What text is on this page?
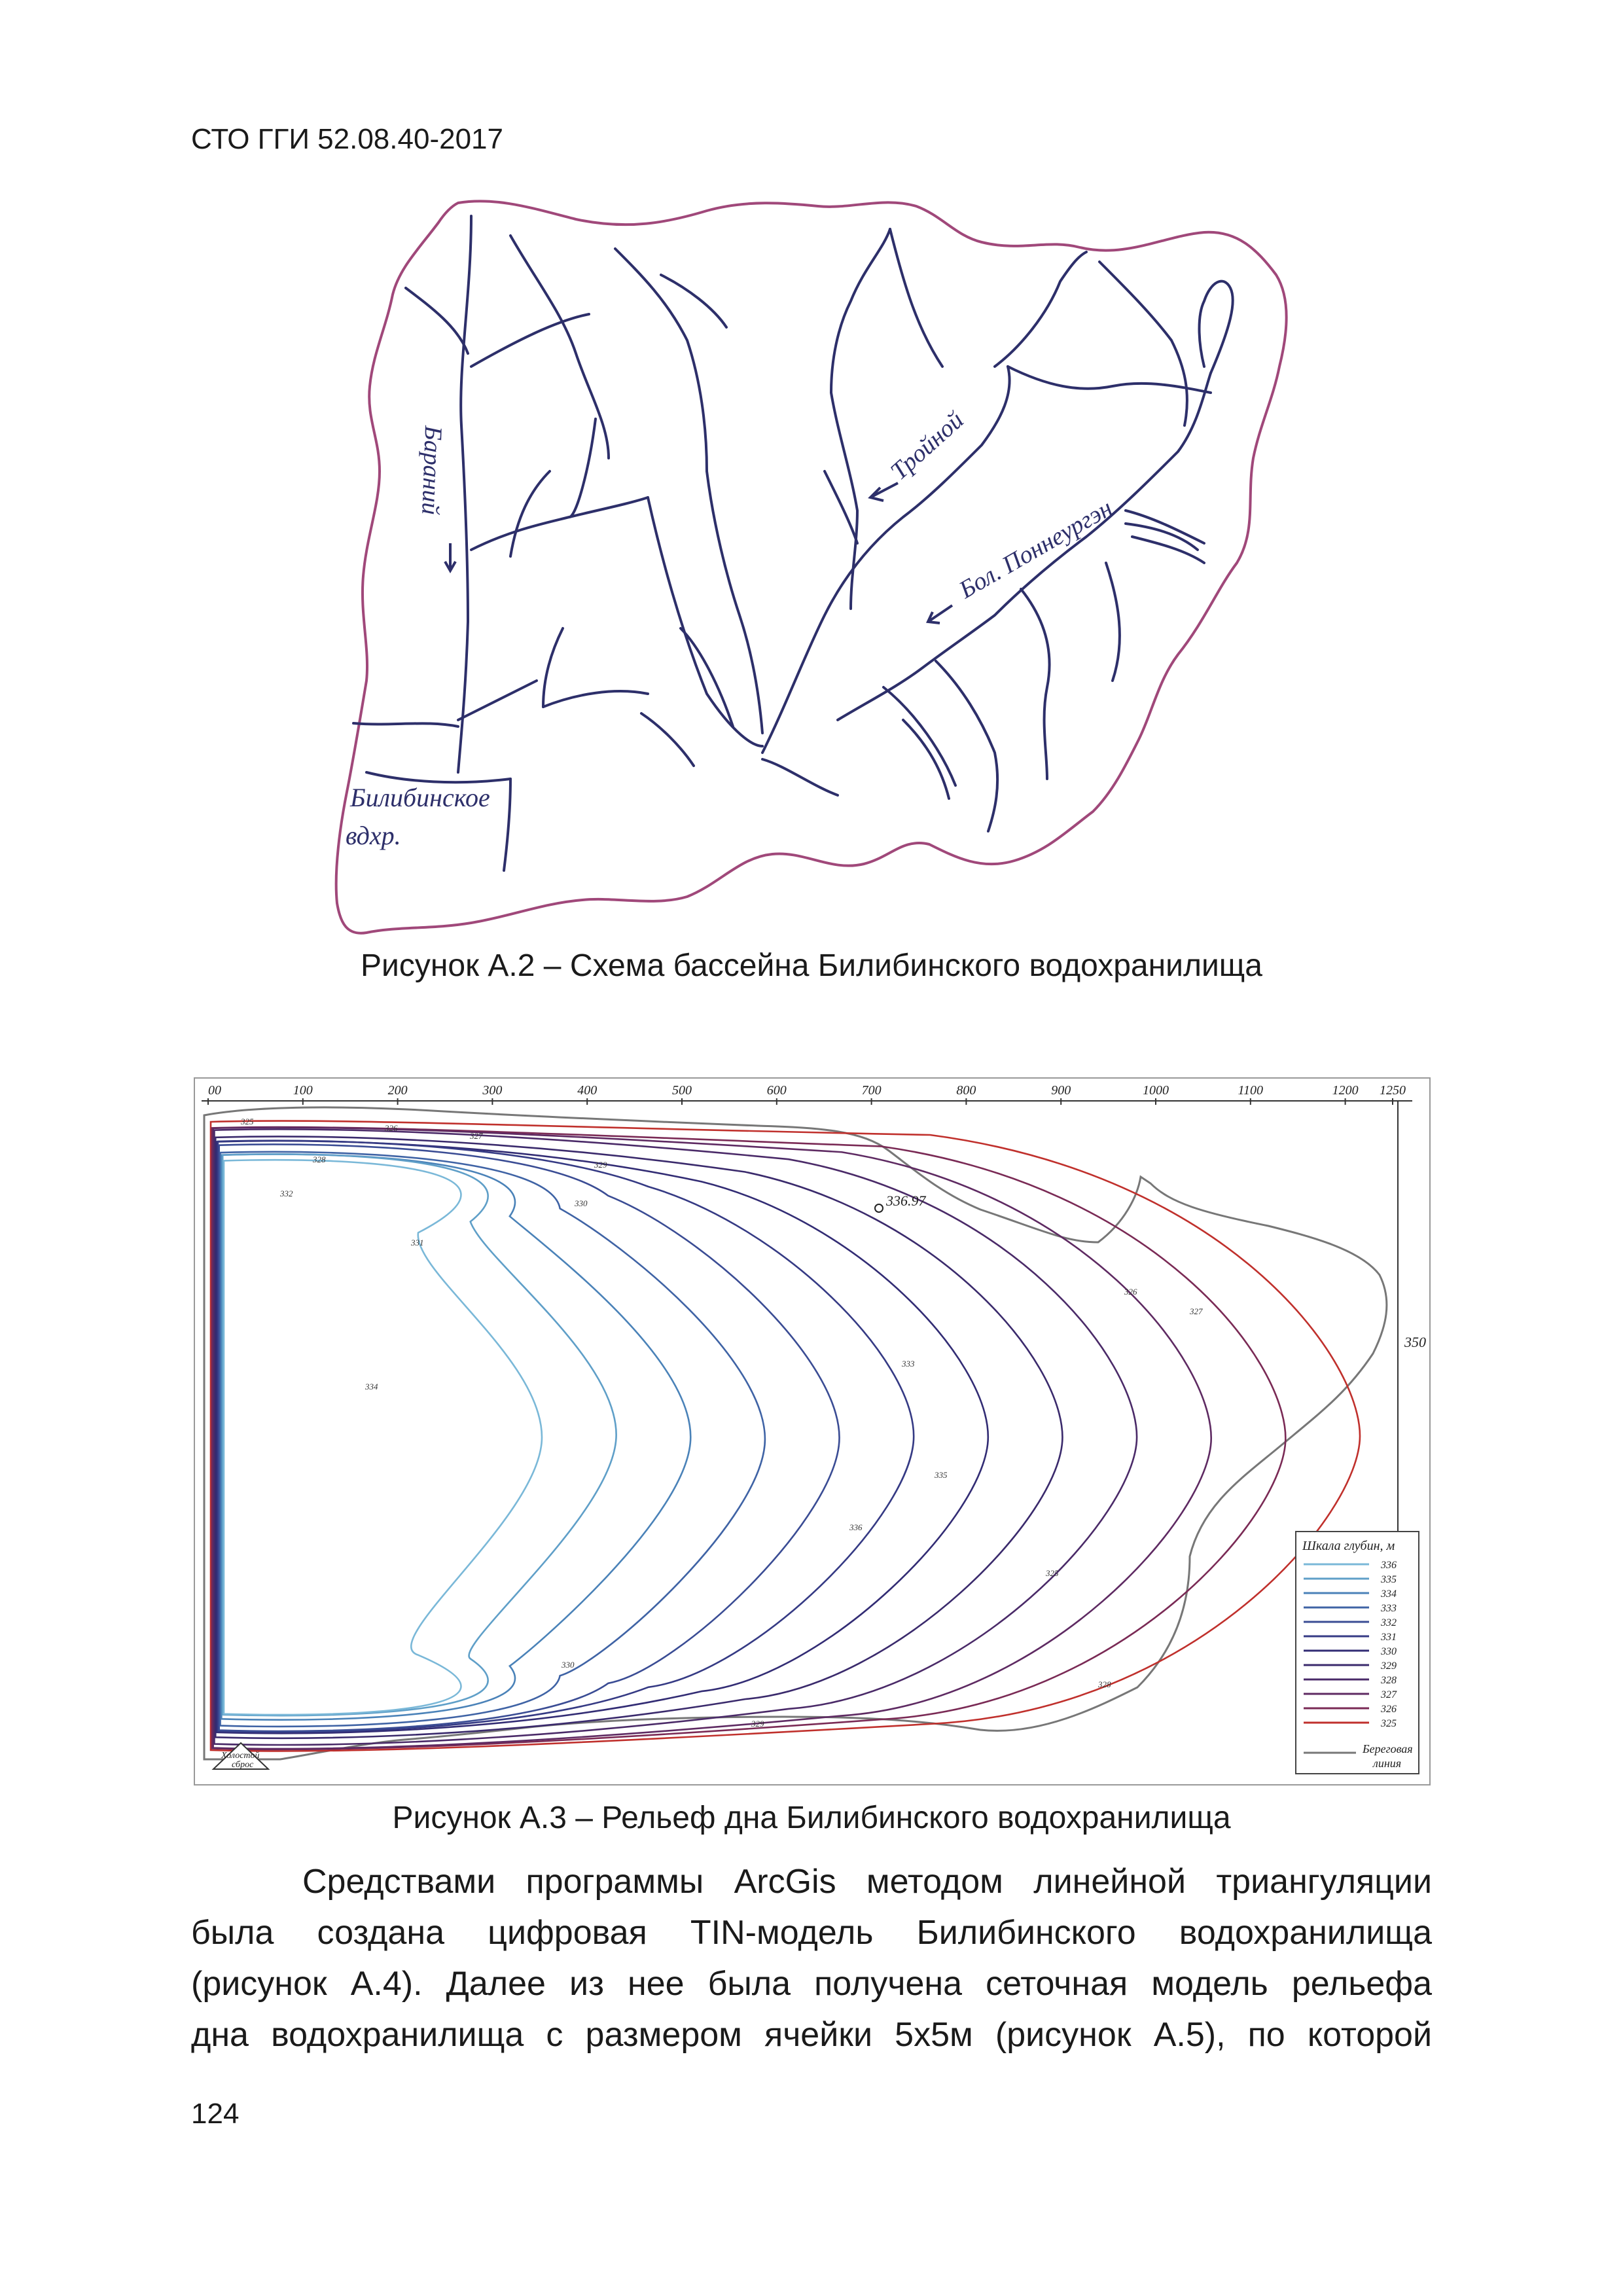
СТО ГГИ 52.08.40-2017
Бараний	Тройной
Бол. Поннеургэн
Билибинское
вдхр.
Рисунок А.2 – Схема бассейна Билибинского водохранилища
00	100	200	300	400	500	600	700	800	900	1000	1100	1200 1250
350
336.97
325
326
327
328
329
330
331
332
333
334
335
336
325
326
327
328
329
330
Холостой
сброс
Шкала глубин, м
336
335
334
333
332
331
330
329
328
327
326
325
Береговая
линия
Рисунок А.3 – Рельеф дна Билибинского водохранилища
Средствами программы ArcGis методом линейной триангуляции
была создана цифровая TIN-модель Билибинского водохранилища
(рисунок А.4). Далее из нее была получена сеточная модель рельефа
дна водохранилища с размером ячейки 5х5м (рисунок А.5), по которой
124
